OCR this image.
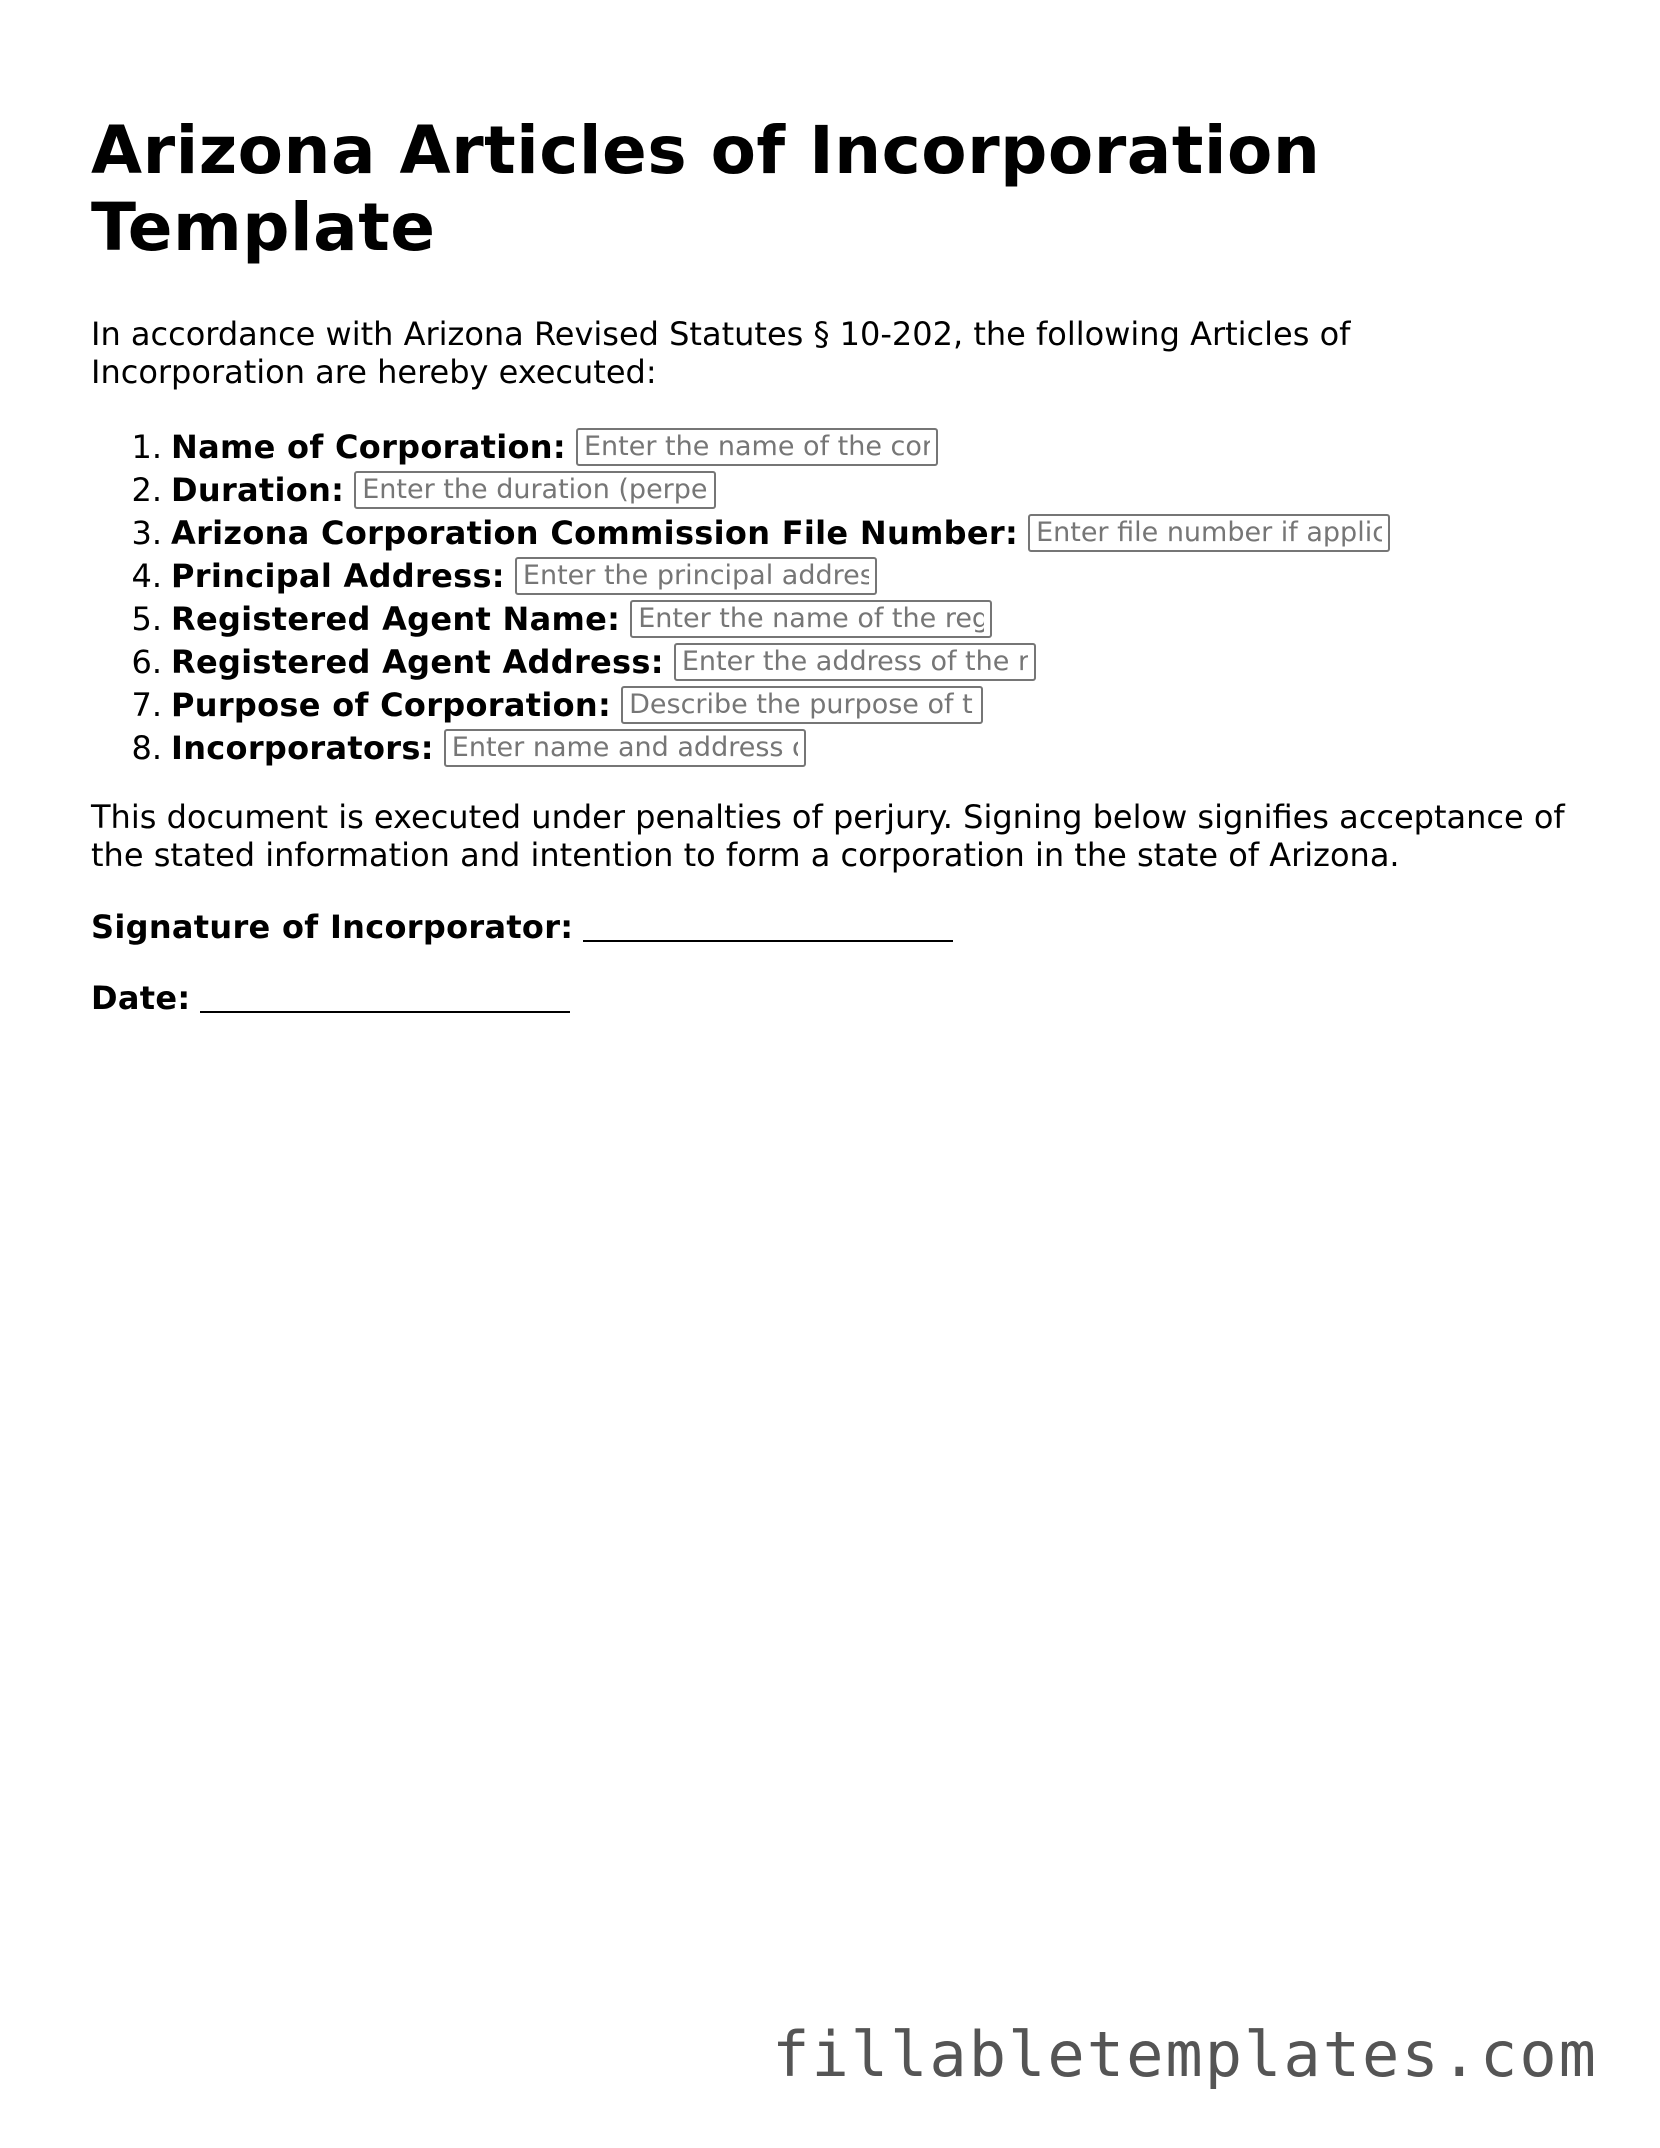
Arizona Articles of Incorporation Template

In accordance with Arizona Revised Statutes § 10-202, the following Articles of Incorporation are hereby executed:

1. Name of Corporation:
Enter the name of the corporation
2. Duration:
Enter the duration (perpetual or specific)
3. Arizona Corporation Commission File Number:
Enter file number if applicable
4. Principal Address:
Enter the principal address
5. Registered Agent Name:
Enter the name of the registered agent
6. Registered Agent Address:
Enter the address of the registered agent
7. Purpose of Corporation:
Describe the purpose of the corporation
8. Incorporators:
Enter name and address of incorporators

This document is executed under penalties of perjury. Signing below signifies acceptance of the stated information and intention to form a corporation in the state of Arizona.

Signature of Incorporator:

Date:

fillabletemplates.com
